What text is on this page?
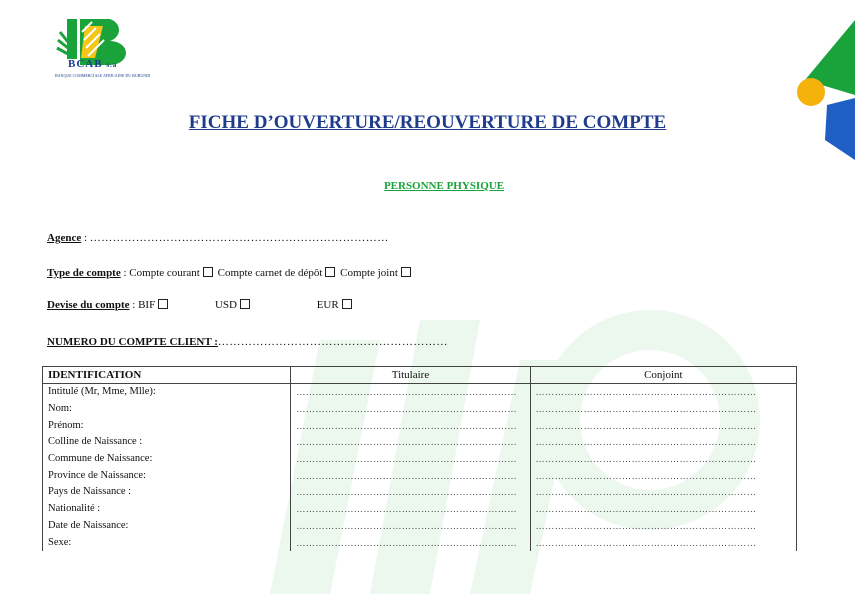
BCAB s.a
BANQUE COMMERCIALE AFRICAINE DU BURUNDI
FICHE D’OUVERTURE/REOUVERTURE DE COMPTE
PERSONNE PHYSIQUE
Agence : ……………………………………………………………………
Type de compte : Compte courant Compte carnet de dépôt Compte joint
Devise du compte : BIF	USD	EUR
NUMERO DU COMPTE CLIENT :……………………………………………………
IDENTIFICATION	Titulaire	Conjoint
Intitulé (Mr, Mme, Mlle):	……………………………………………………………	……………………………………………………………
Nom:	……………………………………………………………	……………………………………………………………
Prénom:	……………………………………………………………	……………………………………………………………
Colline de Naissance :	……………………………………………………………	……………………………………………………………
Commune de Naissance:	……………………………………………………………	……………………………………………………………
Province de Naissance:	……………………………………………………………	……………………………………………………………
Pays de Naissance :	……………………………………………………………	……………………………………………………………
Nationalité :	……………………………………………………………	……………………………………………………………
Date de Naissance:	……………………………………………………………	……………………………………………………………
Sexe:	……………………………………………………………	……………………………………………………………
